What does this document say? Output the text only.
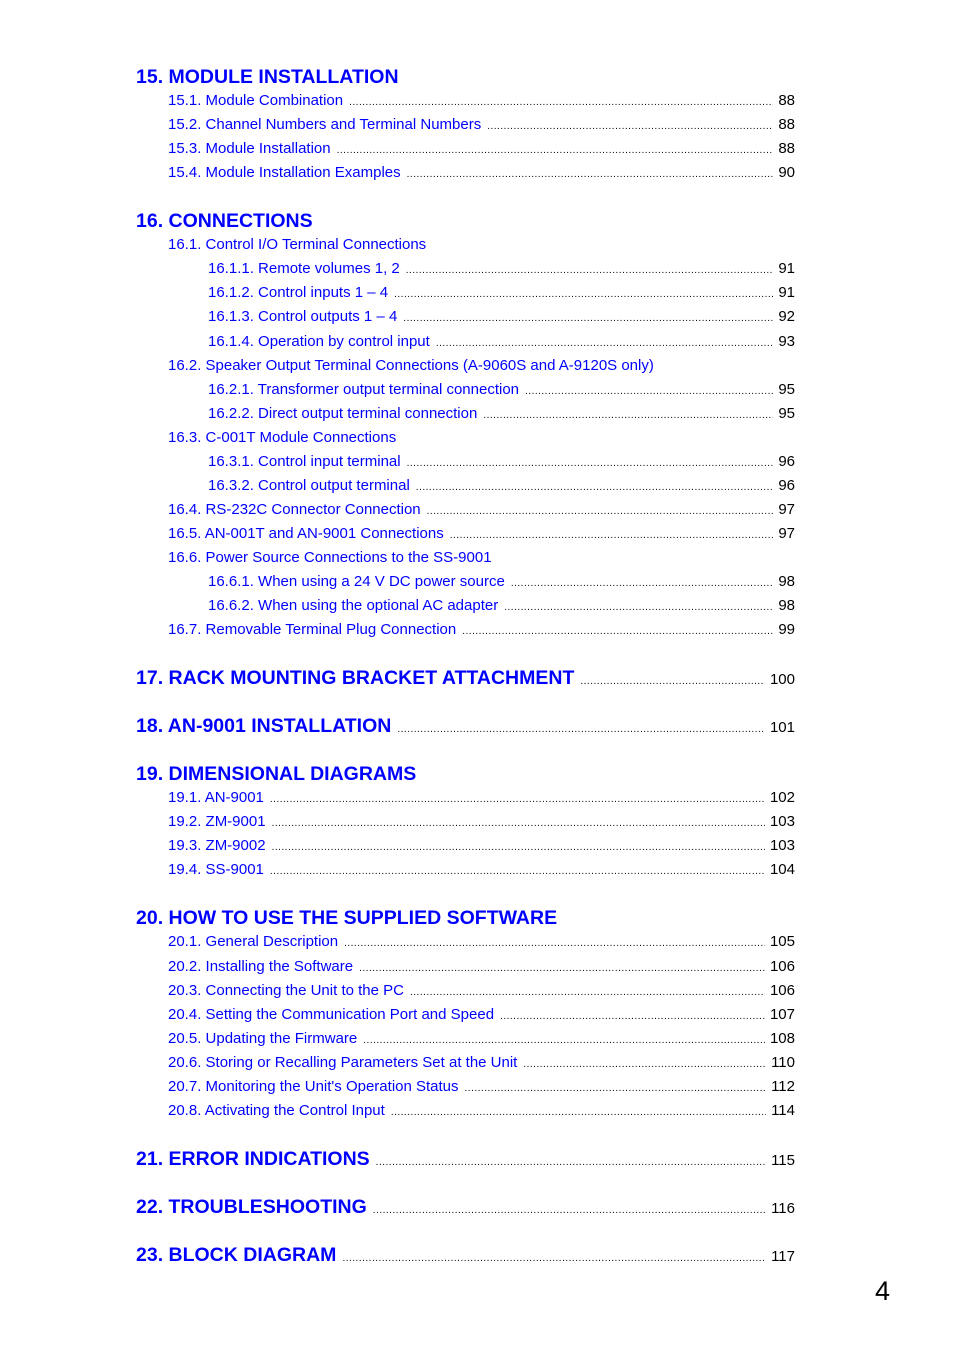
15. MODULE INSTALLATION
15.1. Module Combination .....	88
15.2. Channel Numbers and Terminal Numbers .....	88
15.3. Module Installation .....	88
15.4. Module Installation Examples .....	90
16. CONNECTIONS
16.1. Control I/O Terminal Connections
16.1.1. Remote volumes 1, 2 .....	91
16.1.2. Control inputs 1 – 4 .....	91
16.1.3. Control outputs 1 – 4 .....	92
16.1.4. Operation by control input .....	93
16.2. Speaker Output Terminal Connections (A-9060S and A-9120S only)
16.2.1. Transformer output terminal connection .....	95
16.2.2. Direct output terminal connection .....	95
16.3. C-001T Module Connections
16.3.1. Control input terminal .....	96
16.3.2. Control output terminal .....	96
16.4. RS-232C Connector Connection .....	97
16.5. AN-001T and AN-9001 Connections .....	97
16.6. Power Source Connections to the SS-9001
16.6.1. When using a 24 V DC power source .....	98
16.6.2. When using the optional AC adapter .....	98
16.7. Removable Terminal Plug Connection .....	99
17. RACK MOUNTING BRACKET ATTACHMENT .....	100
18. AN-9001 INSTALLATION .....	101
19. DIMENSIONAL DIAGRAMS
19.1. AN-9001 .....	102
19.2. ZM-9001 .....	103
19.3. ZM-9002 .....	103
19.4. SS-9001 .....	104
20. HOW TO USE THE SUPPLIED SOFTWARE
20.1. General Description .....	105
20.2. Installing the Software .....	106
20.3. Connecting the Unit to the PC .....	106
20.4. Setting the Communication Port and Speed .....	107
20.5. Updating the Firmware .....	108
20.6. Storing or Recalling Parameters Set at the Unit .....	110
20.7. Monitoring the Unit's Operation Status .....	112
20.8. Activating the Control Input .....	114
21. ERROR INDICATIONS .....	115
22. TROUBLESHOOTING .....	116
23. BLOCK DIAGRAM .....	117
4
